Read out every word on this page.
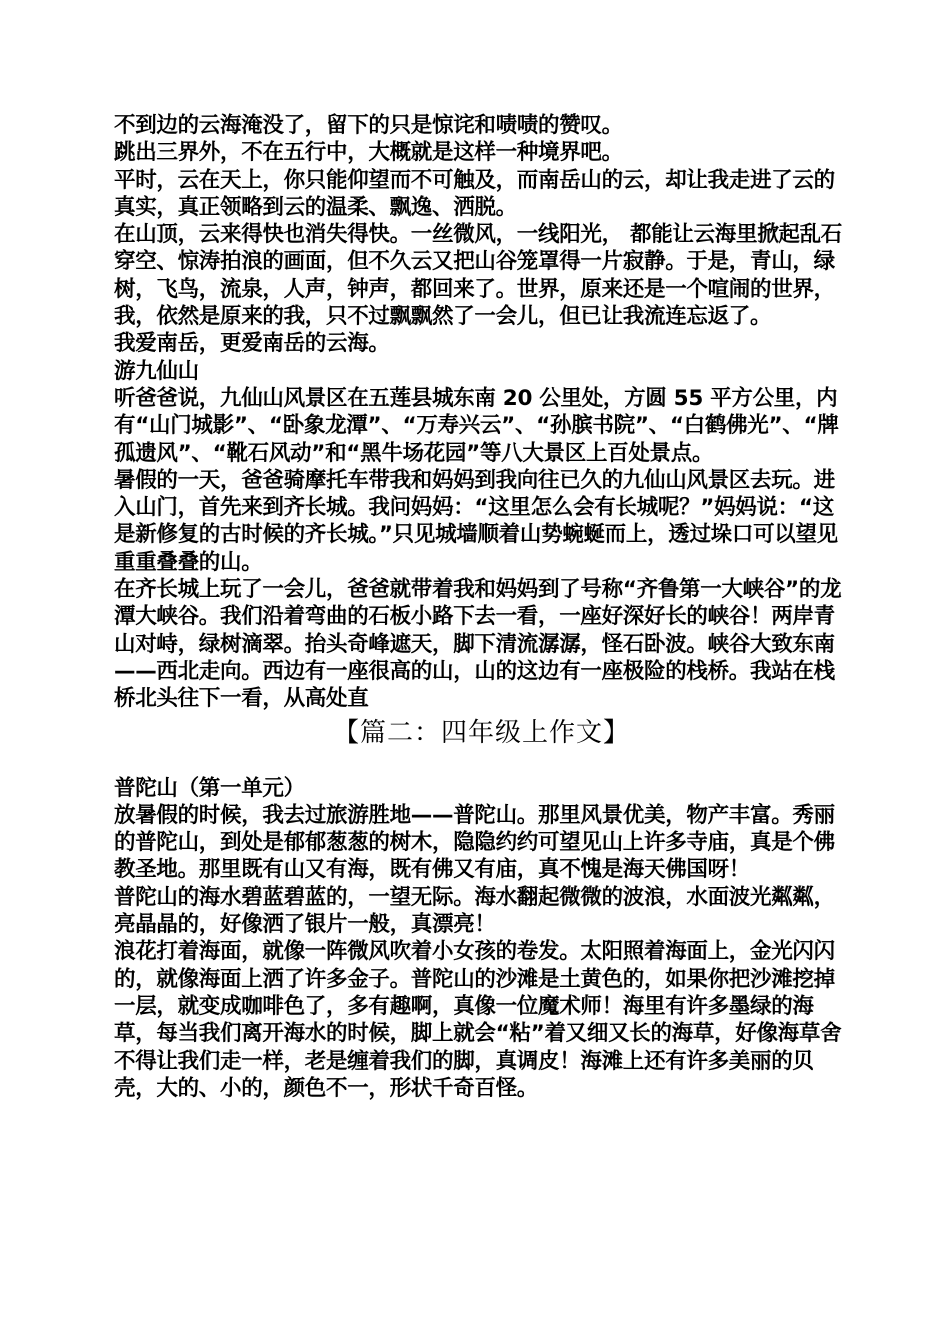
不到边的云海淹没了，留下的只是惊诧和啧啧的赞叹。

跳出三界外，不在五行中，大概就是这样一种境界吧。

平时，云在天上，你只能仰望而不可触及，而南岳山的云，却让我走进了云的真实，真正领略到云的温柔、飘逸、洒脱。

在山顶，云来得快也消失得快。一丝微风，一线阳光， 都能让云海里掀起乱石穿空、惊涛拍浪的画面，但不久云又把山谷笼罩得一片寂静。于是，青山，绿树，飞鸟，流泉，人声，钟声，都回来了。世界，原来还是一个喧闹的世界，我，依然是原来的我，只不过飘飘然了一会儿，但已让我流连忘返了。

我爱南岳，更爱南岳的云海。

游九仙山

听爸爸说，九仙山风景区在五莲县城东南 20 公里处，方圆 55 平方公里，内有“山门城影”、“卧象龙潭”、“万寿兴云”、“孙膑书院”、“白鹤佛光”、“牌孤遗风”、“靴石风动”和“黑牛场花园”等八大景区上百处景点。

暑假的一天，爸爸骑摩托车带我和妈妈到我向往已久的九仙山风景区去玩。进入山门，首先来到齐长城。我问妈妈：“这里怎么会有长城呢？”妈妈说：“这是新修复的古时候的齐长城。”只见城墙顺着山势蜿蜒而上，透过垛口可以望见重重叠叠的山。

在齐长城上玩了一会儿，爸爸就带着我和妈妈到了号称“齐鲁第一大峡谷”的龙潭大峡谷。我们沿着弯曲的石板小路下去一看，一座好深好长的峡谷！两岸青山对峙，绿树滴翠。抬头奇峰遮天，脚下清流潺潺，怪石卧波。峡谷大致东南——西北走向。西边有一座很高的山，山的这边有一座极险的栈桥。我站在栈桥北头往下一看，从高处直

【篇二：四年级上作文】

普陀山（第一单元）

放暑假的时候，我去过旅游胜地——普陀山。那里风景优美，物产丰富。秀丽的普陀山，到处是郁郁葱葱的树木，隐隐约约可望见山上许多寺庙，真是个佛教圣地。那里既有山又有海，既有佛又有庙，真不愧是海天佛国呀！

普陀山的海水碧蓝碧蓝的，一望无际。海水翻起微微的波浪，水面波光粼粼，亮晶晶的，好像洒了银片一般，真漂亮！

浪花打着海面，就像一阵微风吹着小女孩的卷发。太阳照着海面上，金光闪闪的，就像海面上洒了许多金子。普陀山的沙滩是土黄色的，如果你把沙滩挖掉一层，就变成咖啡色了，多有趣啊，真像一位魔术师！海里有许多墨绿的海草，每当我们离开海水的时候，脚上就会“粘”着又细又长的海草，好像海草舍不得让我们走一样，老是缠着我们的脚，真调皮！海滩上还有许多美丽的贝壳，大的、小的，颜色不一，形状千奇百怪。
